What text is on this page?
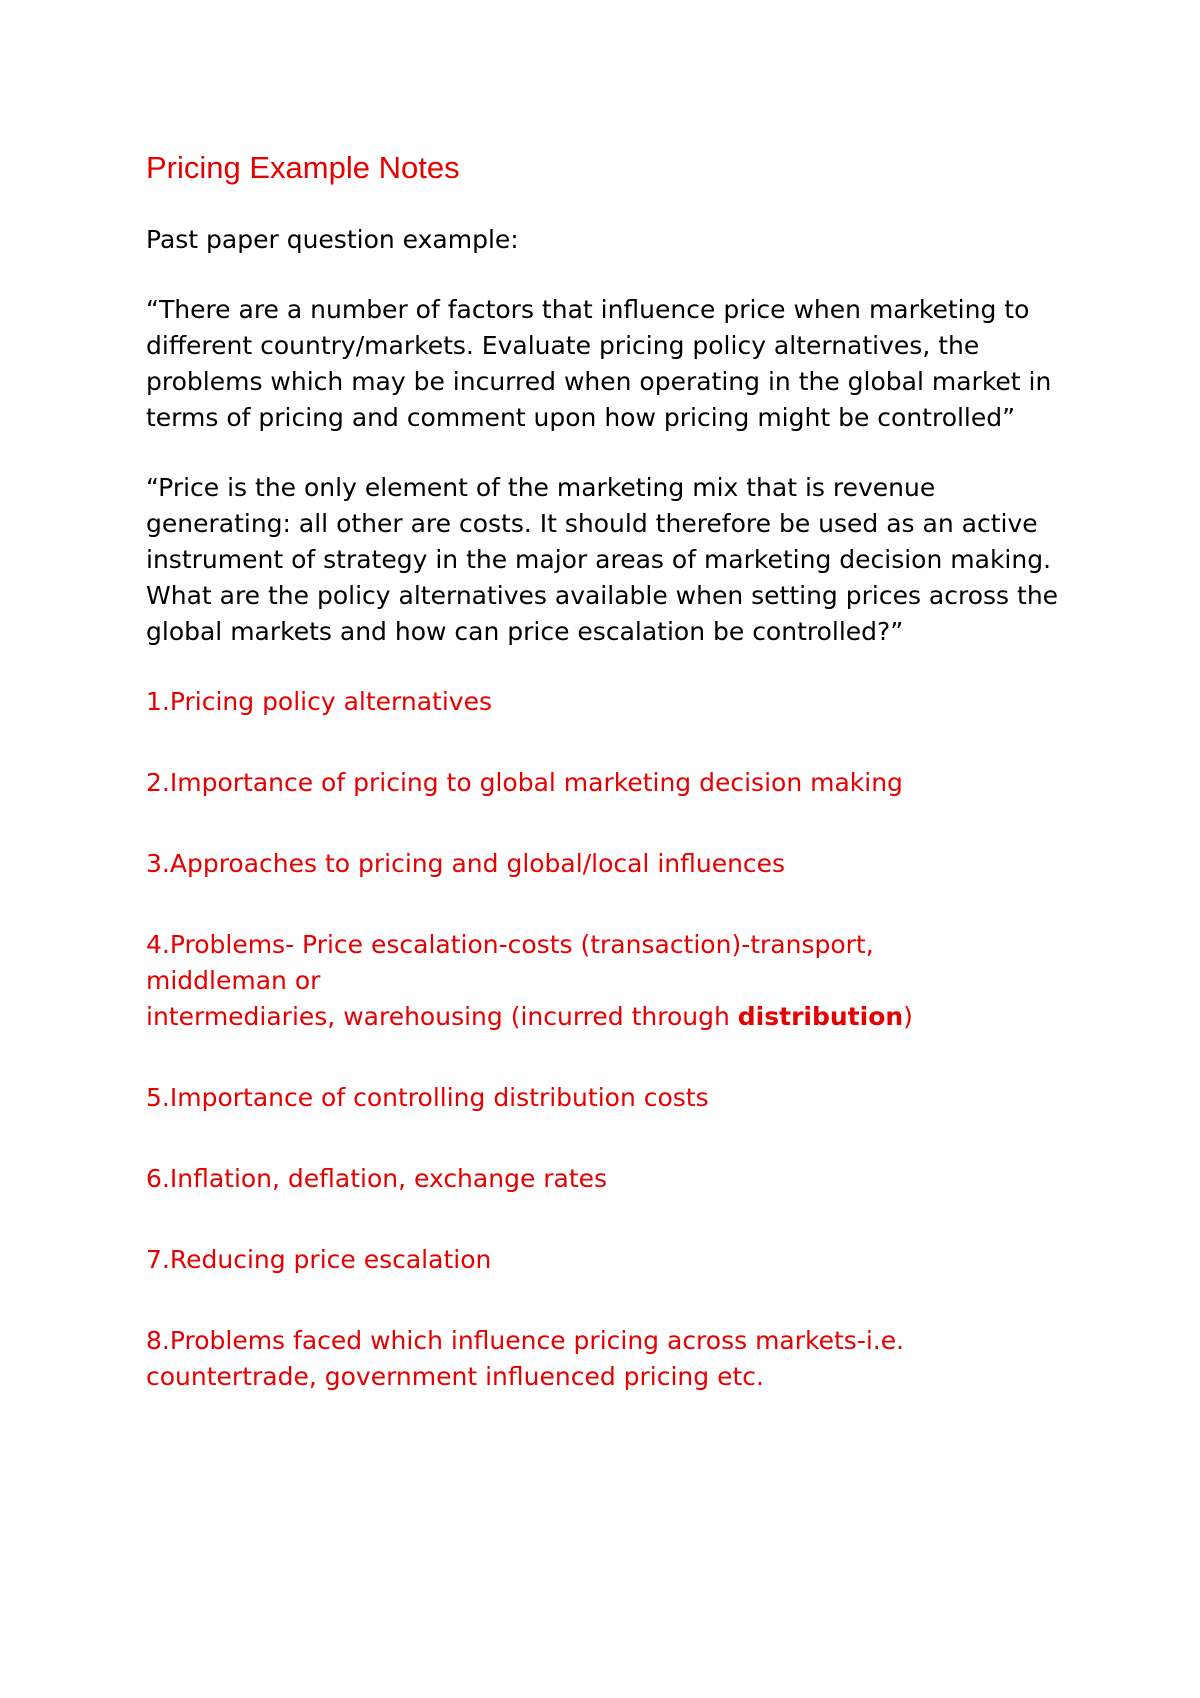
Pricing Example Notes

Past paper question example:

“There are a number of factors that influence price when marketing to different country/markets. Evaluate pricing policy alternatives, the problems which may be incurred when operating in the global market in terms of pricing and comment upon how pricing might be controlled”

“Price is the only element of the marketing mix that is revenue generating: all other are costs. It should therefore be used as an active instrument of strategy in the major areas of marketing decision making. What are the policy alternatives available when setting prices across the global markets and how can price escalation be controlled?”

1.Pricing policy alternatives
2.Importance of pricing to global marketing decision making
3.Approaches to pricing and global/local influences
4.Problems- Price escalation-costs (transaction)-transport,
middleman or
intermediaries, warehousing (incurred through distribution)
5.Importance of controlling distribution costs
6.Inflation, deflation, exchange rates
7.Reducing price escalation
8.Problems faced which influence pricing across markets-i.e. countertrade, government influenced pricing etc.
